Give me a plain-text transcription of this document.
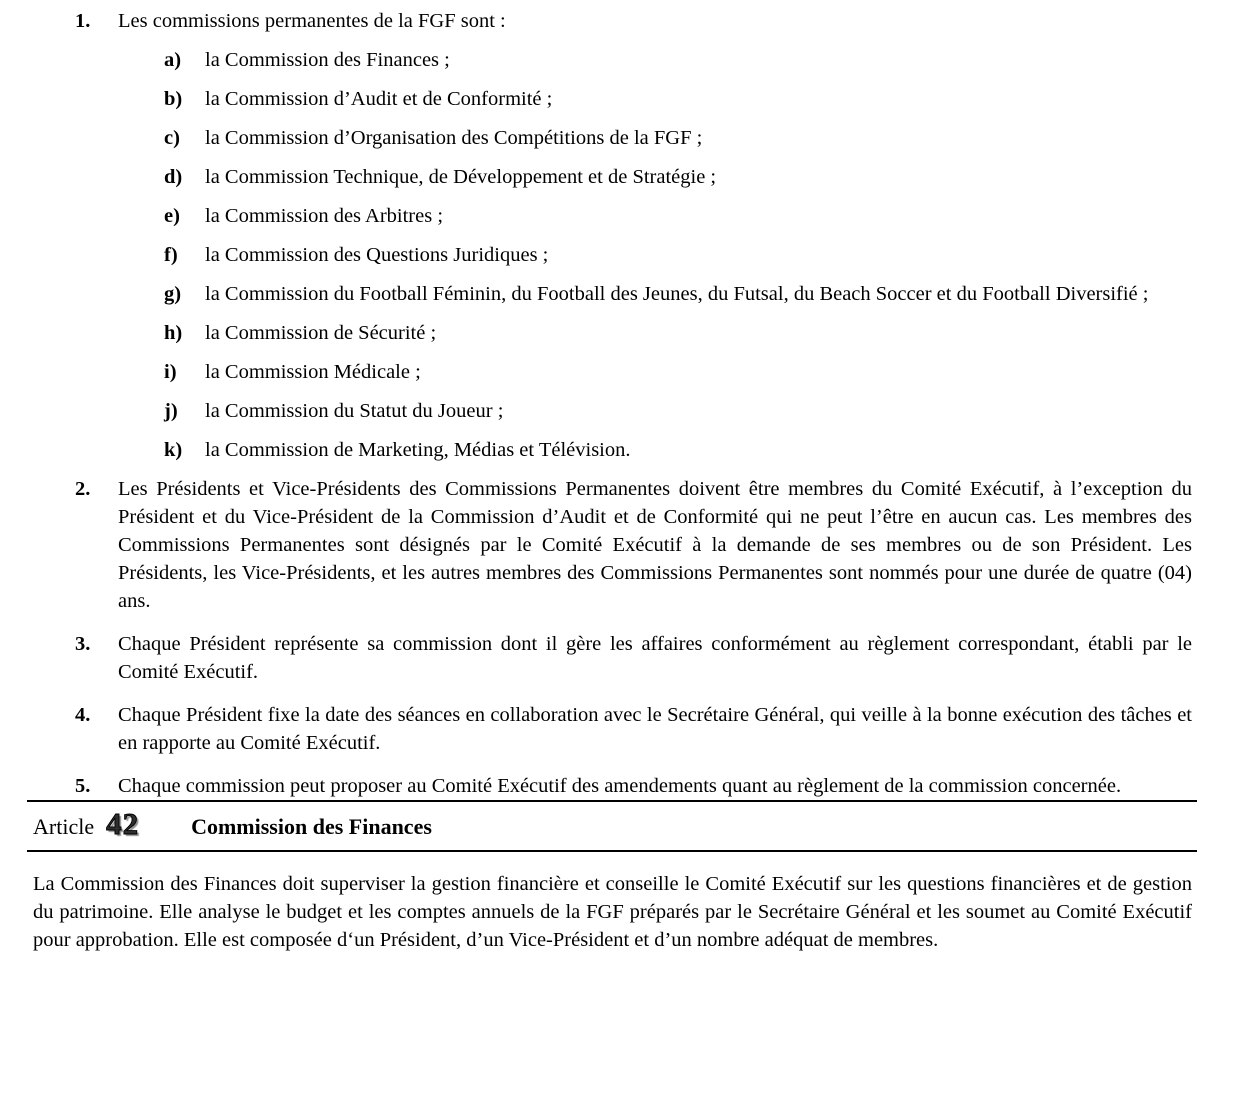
1.	Les commissions permanentes de la FGF sont :
a)	la Commission des Finances ;
b)	la Commission d’Audit et de Conformité ;
c)	la Commission d’Organisation des Compétitions de la FGF ;
d)	la Commission Technique, de Développement et de Stratégie ;
e)	la Commission des Arbitres ;
f)	la Commission des Questions Juridiques ;
g)	la Commission du Football Féminin, du Football des Jeunes, du Futsal, du Beach Soccer et du Football Diversifié ;
h)	la Commission de Sécurité ;
i)	la Commission Médicale ;
j)	la Commission du Statut du Joueur ;
k)	la Commission de Marketing, Médias et Télévision.
2.	Les Présidents et Vice-Présidents des Commissions Permanentes doivent être membres du Comité Exécutif, à l’exception du Président et du Vice-Président de la Commission d’Audit et de Conformité qui ne peut l’être en aucun cas. Les membres des Commissions Permanentes sont désignés par le Comité Exécutif à la demande de ses membres ou de son Président. Les Présidents, les Vice-Présidents, et les autres membres des Commissions Permanentes sont nommés pour une durée de quatre (04) ans.
3.	Chaque Président représente sa commission dont il gère les affaires conformément au règlement correspondant, établi par le Comité Exécutif.
4.	Chaque Président fixe la date des séances en collaboration avec le Secrétaire Général, qui veille à la bonne exécution des tâches et en rapporte au Comité Exécutif.
5.	Chaque commission peut proposer au Comité Exécutif des amendements quant au règlement de la commission concernée.
Article 42 Commission des Finances
La Commission des Finances doit superviser la gestion financière et conseille le Comité Exécutif sur les questions financières et de gestion du patrimoine. Elle analyse le budget et les comptes annuels de la FGF préparés par le Secrétaire Général et les soumet au Comité Exécutif pour approbation. Elle est composée d‘un Président, d’un Vice-Président et d’un nombre adéquat de membres.
